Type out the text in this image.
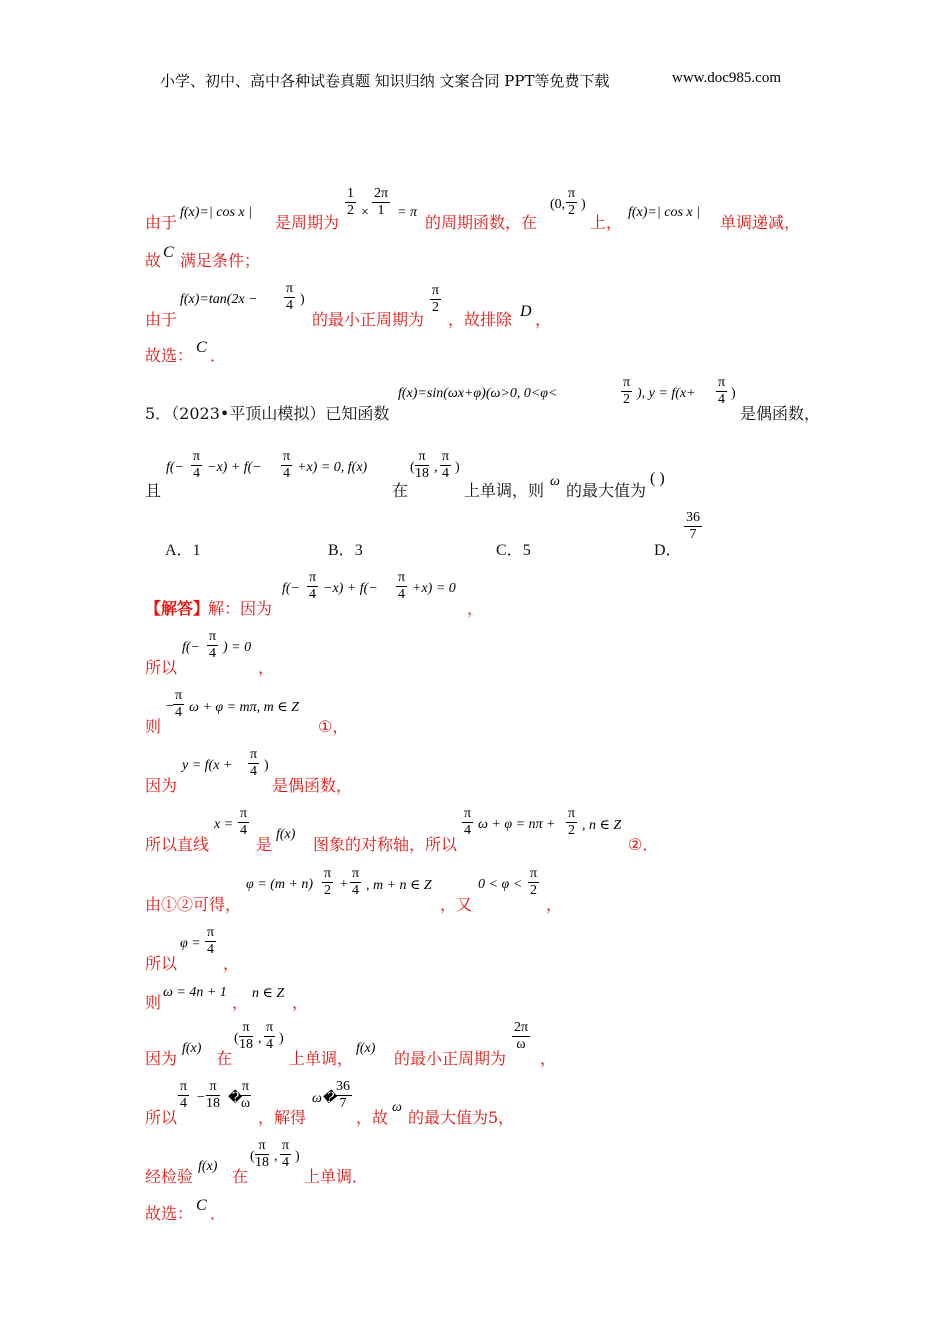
小学、初中、高中各种试卷真题 知识归纳 文案合同 PPT等免费下载	www.doc985.com
由于
f(x)=| cos x |
是周期为
$\frac{1}{2} \times \frac{2\pi}{1} = \pi$
的周期函数，在
(0, $\frac{\pi}{2}$ )
上，
f(x)=| cos x |
单调递减，
故 C 满足条件；
由于
$f(x)=\tan(2x - \frac{\pi}{4}$ )
的最小正周期为
$\frac{\pi}{2}$
，故排除 D ，
故选： C ．
5．（2023•平顶山模拟）已知函数
f(x)=sin(ωx+φ)(ω>0, 0<φ<	$\frac{\pi}{2}$ ), $y = f(x+ \frac{\pi}{4}$ )
是偶函数，
且
$f(- \frac{\pi}{4} -x) + f(- \frac{\pi}{4} +x) = 0$, f(x)
在
( $\frac{\pi}{18}$ , $\frac{\pi}{4}$ )
上单调，则 ω 的最大值为
( )
A．1	B．3	C．5	D．
$\frac{36}{7}$
【解答】
解：因为
$f(- \frac{\pi}{4} -x) + f(- \frac{\pi}{4} +x) = 0$
，
所以
$f(- \frac{\pi}{4}$ ) = 0
，
则
−
$\frac{\pi}{4}$ ω + φ = mπ, m ∈ Z
①，
因为
$y = f(x + \frac{\pi}{4}$ )
是偶函数，
所以直线
$x = \frac{\pi}{4}$
是
f(x)
图象的对称轴，所以
$\frac{\pi}{4}$ $\omega + \varphi = n\pi + \frac{\pi}{2}$ , n ∈ Z
②．
由①②可得，
$\varphi = (m + n) \frac{\pi}{2} + \frac{\pi}{4}$ , m + n ∈ Z
，又
$0 < \varphi < \frac{\pi}{2}$
，
所以
$\varphi = \frac{\pi}{4}$
，
则
ω = 4n + 1
， n ∈ Z ，
因为
f(x)
在
( $\frac{\pi}{18}$ , $\frac{\pi}{4}$ )
上单调，
f(x)
的最小正周期为
$\frac{2\pi}{\omega}$
，
所以
$\frac{\pi}{4} - \frac{\pi}{18}$ �
$\frac{\pi}{\omega}$
，解得
ω�
$\frac{36}{7}$
，故
ω
的最大值为5，
经检验
f(x)
在
( $\frac{\pi}{18}$ , $\frac{\pi}{4}$ )
上单调．
故选： C ．
